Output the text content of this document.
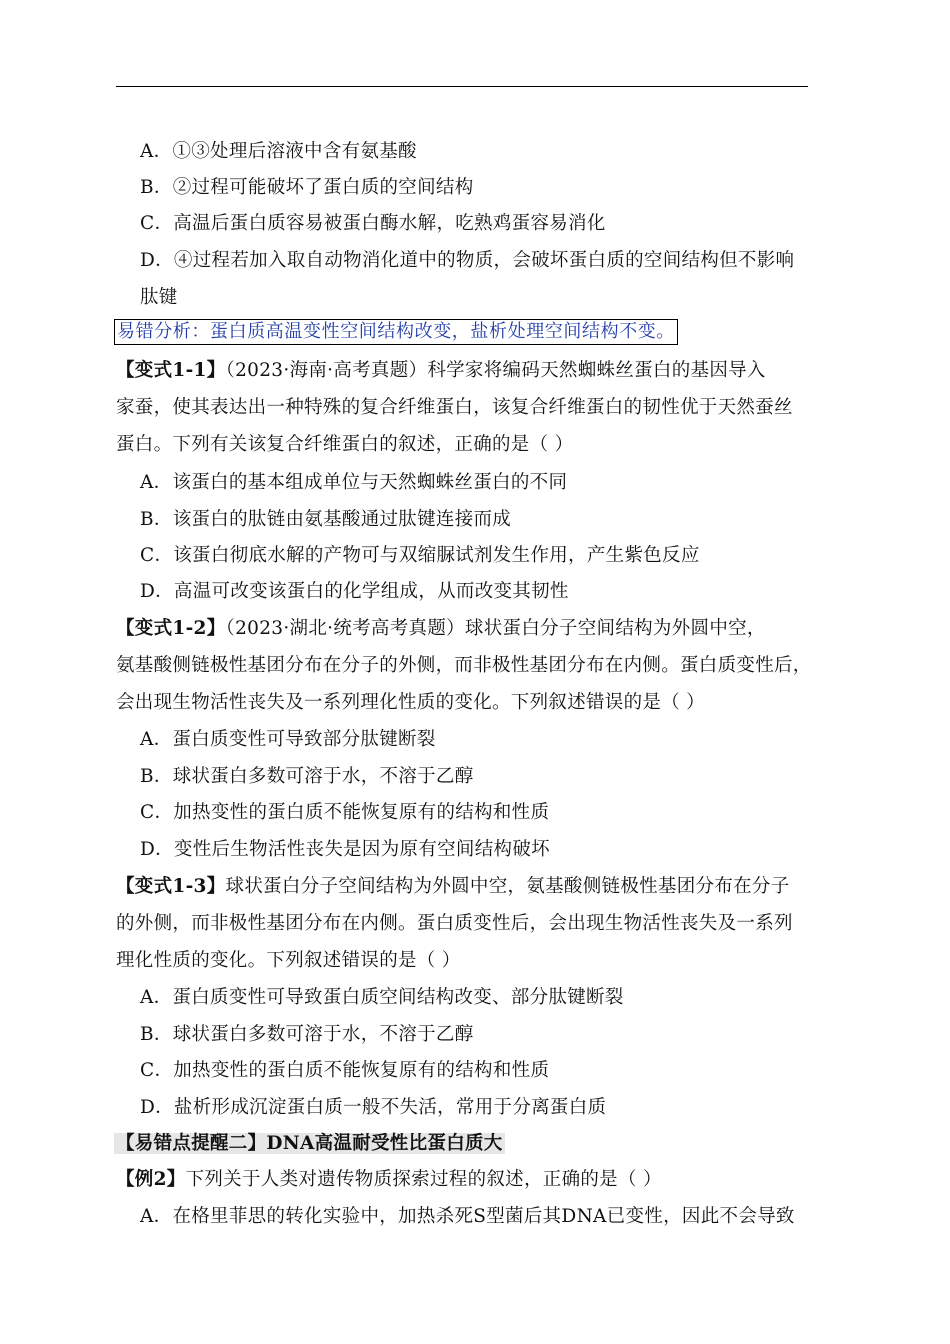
A．①③处理后溶液中含有氨基酸
B．②过程可能破坏了蛋白质的空间结构
C．高温后蛋白质容易被蛋白酶水解，吃熟鸡蛋容易消化
D．④过程若加入取自动物消化道中的物质，会破坏蛋白质的空间结构但不影响
肽键
易错分析：蛋白质高温变性空间结构改变，盐析处理空间结构不变。
【变式1-1】（2023·海南·高考真题）科学家将编码天然蜘蛛丝蛋白的基因导入
家蚕，使其表达出一种特殊的复合纤维蛋白，该复合纤维蛋白的韧性优于天然蚕丝
蛋白。下列有关该复合纤维蛋白的叙述，正确的是（ ）
A．该蛋白的基本组成单位与天然蜘蛛丝蛋白的不同
B．该蛋白的肽链由氨基酸通过肽键连接而成
C．该蛋白彻底水解的产物可与双缩脲试剂发生作用，产生紫色反应
D．高温可改变该蛋白的化学组成，从而改变其韧性
【变式1-2】（2023·湖北·统考高考真题）球状蛋白分子空间结构为外圆中空，
氨基酸侧链极性基团分布在分子的外侧，而非极性基团分布在内侧。蛋白质变性后，
会出现生物活性丧失及一系列理化性质的变化。下列叙述错误的是（ ）
A．蛋白质变性可导致部分肽键断裂
B．球状蛋白多数可溶于水，不溶于乙醇
C．加热变性的蛋白质不能恢复原有的结构和性质
D．变性后生物活性丧失是因为原有空间结构破坏
【变式1-3】球状蛋白分子空间结构为外圆中空，氨基酸侧链极性基团分布在分子
的外侧，而非极性基团分布在内侧。蛋白质变性后，会出现生物活性丧失及一系列
理化性质的变化。下列叙述错误的是（ ）
A．蛋白质变性可导致蛋白质空间结构改变、部分肽键断裂
B．球状蛋白多数可溶于水，不溶于乙醇
C．加热变性的蛋白质不能恢复原有的结构和性质
D．盐析形成沉淀蛋白质一般不失活，常用于分离蛋白质
【易错点提醒二】DNA高温耐受性比蛋白质大
【例2】下列关于人类对遗传物质探索过程的叙述，正确的是（ ）
A．在格里菲思的转化实验中，加热杀死S型菌后其DNA已变性，因此不会导致
